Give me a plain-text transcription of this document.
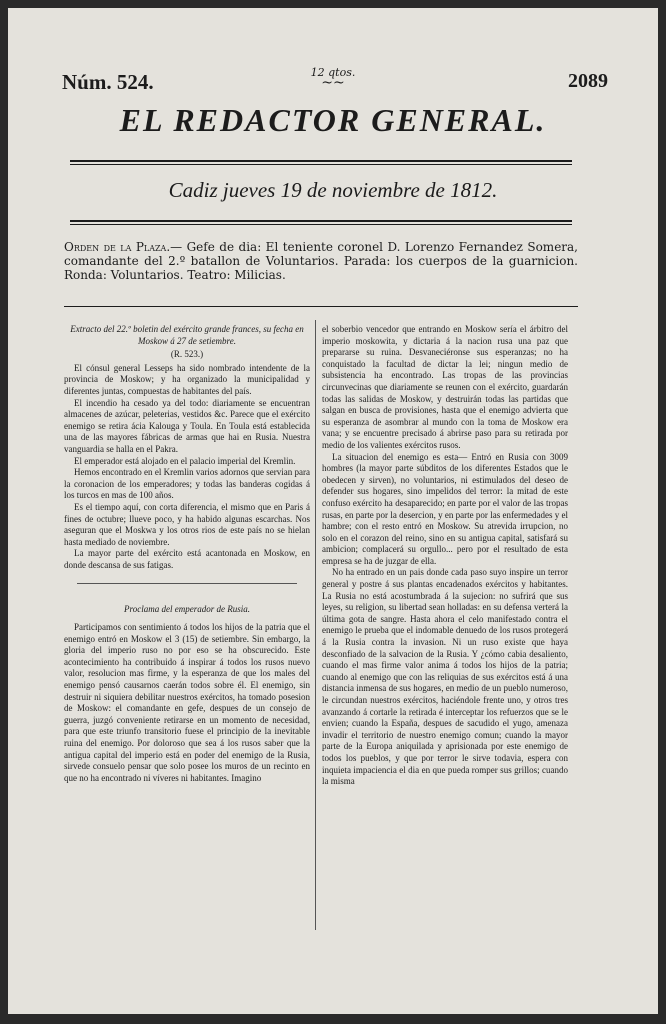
Núm. 524.	12 qtos.
~~	2089
EL REDACTOR GENERAL.
Cadiz jueves 19 de noviembre de 1812.
Orden de la Plaza.— Gefe de dia: El teniente coronel D. Lorenzo Fernandez Somera, comandante del 2.º batallon de Voluntarios. Parada: los cuerpos de la guarnicion. Ronda: Voluntarios. Teatro: Milicias.

Extracto del 22.º boletin del exército grande frances, su fecha en Moskow á 27 de setiembre.

(R. 523.)

El cónsul general Lesseps ha sido nombrado intendente de la provincia de Moskow; y ha organizado la municipalidad y diferentes juntas, compuestas de habitantes del país.

El incendio ha cesado ya del todo: diariamente se encuentran almacenes de azúcar, peleterias, vestidos &c. Parece que el exército enemigo se retira ácia Kalouga y Toula. En Toula está establecida una de las mayores fábricas de armas que hai en Rusia. Nuestra vanguardia se halla en el Pakra.

El emperador está alojado en el palacio imperial del Kremlin.

Hemos encontrado en el Kremlin varios adornos que servian para la coronacion de los emperadores; y todas las banderas cogidas á los turcos en mas de 100 años.

Es el tiempo aquí, con corta diferencia, el mismo que en Paris á fines de octubre; llueve poco, y ha habido algunas escarchas. Nos aseguran que el Moskwa y los otros rios de este país no se hielan hasta mediado de noviembre.

La mayor parte del exército está acantonada en Moskow, en donde descansa de sus fatigas.

Proclama del emperador de Rusia.

Participamos con sentimiento á todos los hijos de la patria que el enemigo entró en Moskow el 3 (15) de setiembre. Sin embargo, la gloria del imperio ruso no por eso se ha obscurecido. Este acontecimiento ha contribuido á inspirar á todos los rusos nuevo valor, resolucion mas firme, y la esperanza de que los males del enemigo pensó causarnos caerán todos sobre él. El enemigo, sin destruir ni siquiera debilitar nuestros exércitos, ha tomado posesion de Moskow: el comandante en gefe, despues de un consejo de guerra, juzgó conveniente retirarse en un momento de necesidad, para que este triunfo transitorio fuese el principio de la inevitable ruina del enemigo. Por doloroso que sea á los rusos saber que la antigua capital del imperio está en poder del enemigo de la Rusia, sirvede consuelo pensar que solo posee los muros de un recinto en que no ha encontrado ni víveres ni habitantes. Imagino

el soberbio vencedor que entrando en Moskow sería el árbitro del imperio moskowita, y dictaria á la nacion rusa una paz que prepararse su ruina. Desvaneciéronse sus esperanzas; no ha conquistado la facultad de dictar la lei; ningun medio de subsistencia ha encontrado. Las tropas de las provincias circunvecinas que diariamente se reunen con el exército, guardarán todas las salidas de Moskow, y destruirán todas las partidas que salgan en busca de provisiones, hasta que el enemigo advierta que su esperanza de asombrar al mundo con la toma de Moskow era vana; y se encuentre precisado á abrirse paso para su retirada por medio de los valientes exércitos rusos.

La situacion del enemigo es esta— Entró en Rusia con 3009 hombres (la mayor parte súbditos de los diferentes Estados que le obedecen y sirven), no voluntarios, ni estimulados del deseo de defender sus hogares, sino impelidos del terror: la mitad de este confuso exército ha desaparecido; en parte por el valor de las tropas rusas, en parte por la desercion, y en parte por las enfermedades y el hambre; con el resto entró en Moskow. Su atrevida irrupcion, no solo en el corazon del reino, sino en su antigua capital, satisfará su ambicion; complacerá su orgullo... pero por el resultado de esta empresa se ha de juzgar de ella.

No ha entrado en un pais donde cada paso suyo inspire un terror general y postre á sus plantas encadenados exércitos y habitantes. La Rusia no está acostumbrada á la sujecion: no sufrirá que sus leyes, su religion, su libertad sean holladas: en su defensa verterá la última gota de sangre. Hasta ahora el celo manifestado contra el enemigo le prueba que el indomable denuedo de los rusos protegerá á la Rusia contra la invasion. Ni un ruso existe que haya desconfiado de la salvacion de la Rusia. Y ¿cómo cabia desaliento, cuando el mas firme valor anima á todos los hijos de la patria; cuando al enemigo que con las reliquias de sus exércitos está á una distancia inmensa de sus hogares, en medio de un pueblo numeroso, le circundan nuestros exércitos, haciéndole frente uno, y otros tres avanzando á cortarle la retirada é interceptar los refuerzos que se le envien; cuando la España, despues de sacudido el yugo, amenaza invadir el territorio de nuestro enemigo comun; cuando la mayor parte de la Europa aniquilada y aprisionada por este enemigo de todos los pueblos, y que por terror le sirve todavia, espera con inquieta impaciencia el dia en que pueda romper sus grillos; cuando la misma
